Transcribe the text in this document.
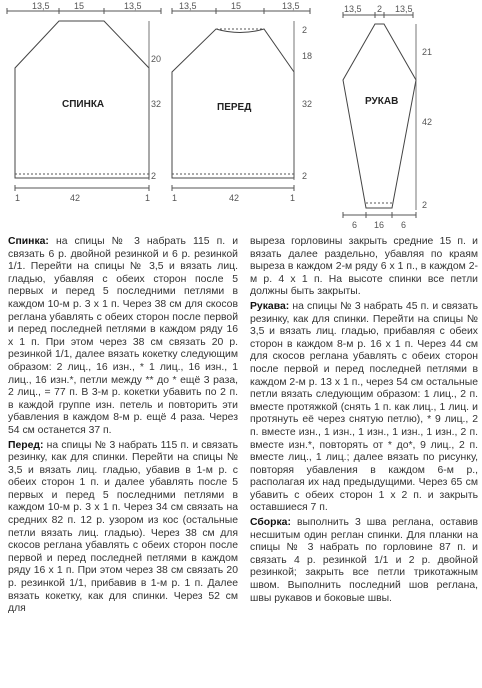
СПИНКА
13,5	15	13,5
20
32
2
1	42	1
ПЕРЕД
13,5	15	13,5
2
18
32
2
1	42	1
РУКАВ
13,5 2 13,5
21
42
2
6 16 6

Спинка: на спицы № 3 набрать 115 п. и связать 6 р. двойной резинкой и 6 р. резинкой 1/1. Перейти на спицы № 3,5 и вязать лиц. гладью, убавляя с обеих сторон после 5 первых и перед 5 последними петлями в каждом 10-м р. 3 х 1 п. Через 38 см для скосов реглана убавлять с обеих сторон после первой и перед последней петлями в каждом ряду 16 х 1 п. При этом через 38 см связать 20 р. резинкой 1/1, далее вязать кокетку следующим образом: 2 лиц., 16 изн., * 1 лиц., 16 изн., 1 лиц., 16 изн.*, петли между ** до * ещё 3 раза, 2 лиц., = 77 п. В 3-м р. кокетки убавить по 2 п. в каждой группе изн. петель и повторить эти убавления в каждом 8-м р. ещё 4 раза. Через 54 см останется 37 п.

Перед: на спицы № 3 набрать 115 п. и связать резинку, как для спинки. Перейти на спицы № 3,5 и вязать лиц. гладью, убавив в 1-м р. с обеих сторон 1 п. и далее убавлять после 5 первых и перед 5 последними петлями в каждом 10-м р. 3 х 1 п. Через 34 см связать на средних 82 п. 12 р. узором из кос (остальные петли вязать лиц. гладью). Через 38 см для скосов реглана убавлять с обеих сторон после первой и перед последней петлями в каждом ряду 16 х 1 п. При этом через 38 см связать 20 р. резинкой 1/1, прибавив в 1-м р. 1 п. Далее вязать кокетку, как для спинки. Через 52 см для

выреза горловины закрыть средние 15 п. и вязать далее раздельно, убавляя по краям выреза в каждом 2-м ряду 6 х 1 п., в каждом 2-м р. 4 х 1 п. На высоте спинки все петли должны быть закрыты.

Рукава: на спицы № 3 набрать 45 п. и связать резинку, как для спинки. Перейти на спицы № 3,5 и вязать лиц. гладью, прибавляя с обеих сторон в каждом 8-м р. 16 х 1 п. Через 44 см для скосов реглана убавлять с обеих сторон после первой и перед последней петлями в каждом 2-м р. 13 х 1 п., через 54 см остальные петли вязать следующим образом: 1 лиц., 2 п. вместе протяжкой (снять 1 п. как лиц., 1 лиц. и протянуть её через снятую петлю), * 9 лиц., 2 п. вместе изн., 1 изн., 1 изн., 1 изн., 1 изн., 2 п. вместе изн.*, повторять от * до*, 9 лиц., 2 п. вместе лиц., 1 лиц.; далее вязать по рисунку, повторяя убавления в каждом 6-м р., располагая их над предыдущими. Через 65 см убавить с обеих сторон 1 х 2 п. и закрыть оставшиеся 7 п.

Сборка: выполнить 3 шва реглана, оставив несшитым один реглан спинки. Для планки на спицы № 3 набрать по горловине 87 п. и связать 4 р. резинкой 1/1 и 2 р. двойной резинкой; закрыть все петли трикотажным швом. Выполнить последний шов реглана, швы рукавов и боковые швы.
